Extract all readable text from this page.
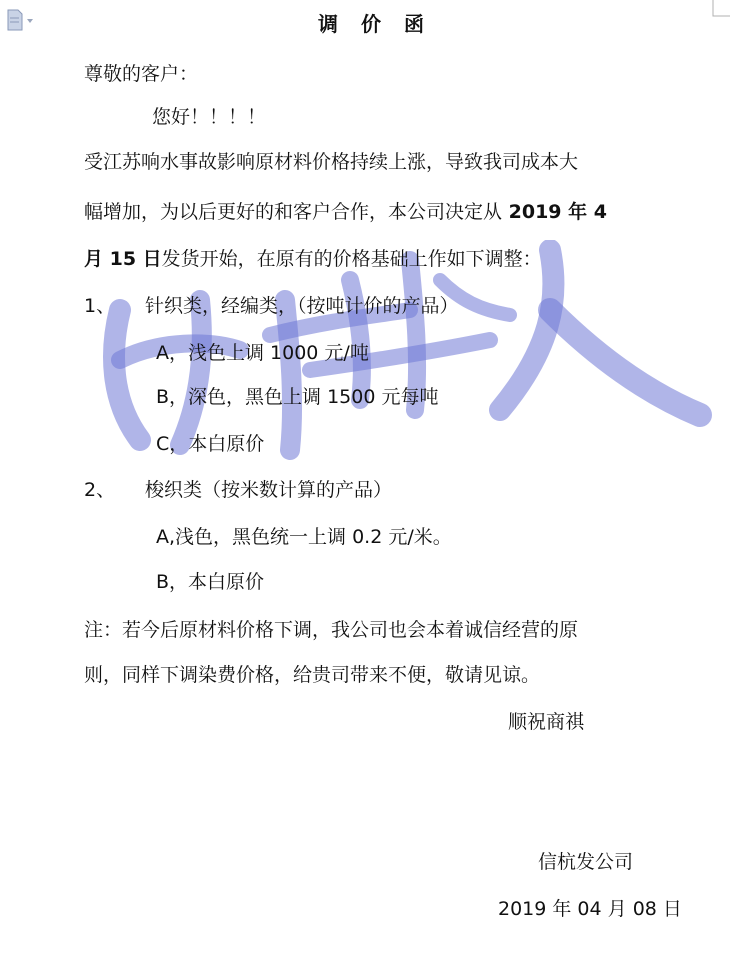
调 价 函
尊敬的客户：
您好！！！！
受江苏响水事故影响原材料价格持续上涨，导致我司成本大
幅增加，为以后更好的和客户合作，本公司决定从 2019 年 4
月 15 日发货开始，在原有的价格基础上作如下调整：
1、 针织类，经编类，（按吨计价的产品）
A，浅色上调 1000 元/吨
B，深色，黑色上调 1500 元每吨
C，本白原价
2、 梭织类（按米数计算的产品）
A,浅色，黑色统一上调 0.2 元/米。
B，本白原价
注：若今后原材料价格下调，我公司也会本着诚信经营的原
则，同样下调染费价格，给贵司带来不便，敬请见谅。
顺祝商祺
信杭发公司
2019 年 04 月 08 日
